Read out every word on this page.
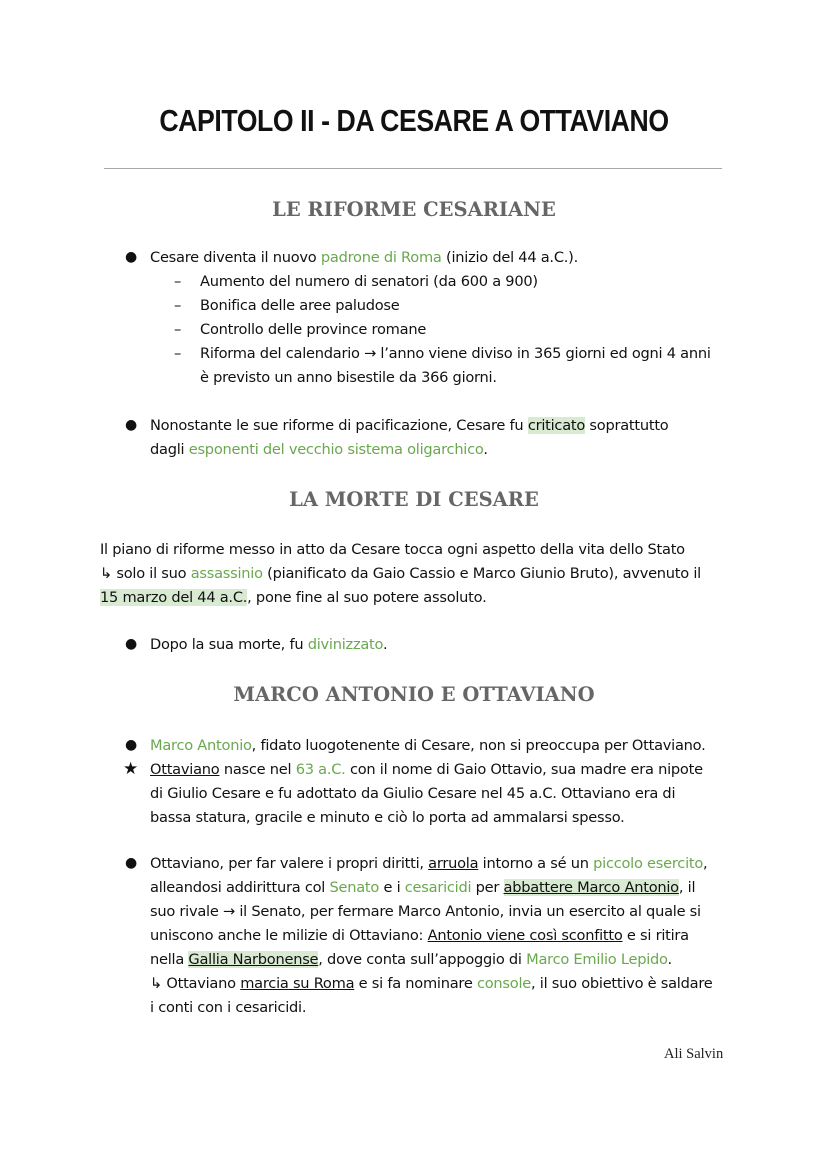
CAPITOLO II - DA CESARE A OTTAVIANO
LE RIFORME CESARIANE
● Cesare diventa il nuovo padrone di Roma (inizio del 44 a.C.).
– Aumento del numero di senatori (da 600 a 900)
– Bonifica delle aree paludose
– Controllo delle province romane
– Riforma del calendario → l’anno viene diviso in 365 giorni ed ogni 4 anni
è previsto un anno bisestile da 366 giorni.
● Nonostante le sue riforme di pacificazione, Cesare fu criticato soprattutto
dagli esponenti del vecchio sistema oligarchico.
LA MORTE DI CESARE
Il piano di riforme messo in atto da Cesare tocca ogni aspetto della vita dello Stato
↳ solo il suo assassinio (pianificato da Gaio Cassio e Marco Giunio Bruto), avvenuto il
15 marzo del 44 a.C., pone fine al suo potere assoluto.
● Dopo la sua morte, fu divinizzato.
MARCO ANTONIO E OTTAVIANO
● Marco Antonio, fidato luogotenente di Cesare, non si preoccupa per Ottaviano.
★ Ottaviano nasce nel 63 a.C. con il nome di Gaio Ottavio, sua madre era nipote
di Giulio Cesare e fu adottato da Giulio Cesare nel 45 a.C. Ottaviano era di
bassa statura, gracile e minuto e ciò lo porta ad ammalarsi spesso.
● Ottaviano, per far valere i propri diritti, arruola intorno a sé un piccolo esercito,
alleandosi addirittura col Senato e i cesaricidi per abbattere Marco Antonio, il
suo rivale → il Senato, per fermare Marco Antonio, invia un esercito al quale si
uniscono anche le milizie di Ottaviano: Antonio viene così sconfitto e si ritira
nella Gallia Narbonense, dove conta sull’appoggio di Marco Emilio Lepido.
↳ Ottaviano marcia su Roma e si fa nominare console, il suo obiettivo è saldare
i conti con i cesaricidi.
Ali Salvin
